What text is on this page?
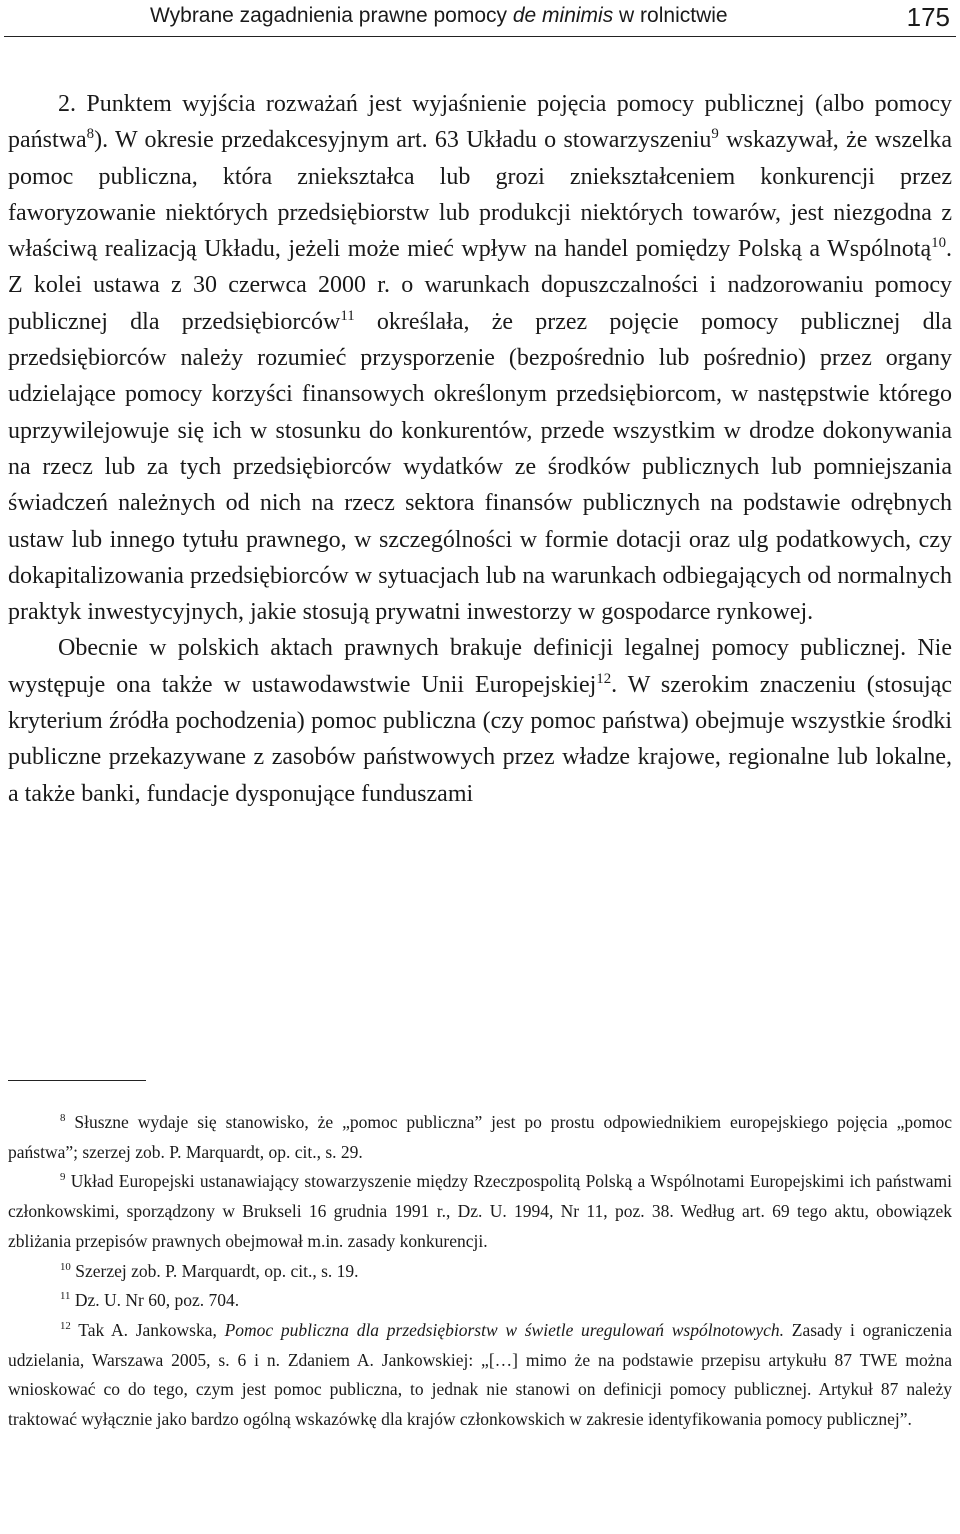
Wybrane zagadnienia prawne pomocy de minimis w rolnictwie	175

2. Punktem wyjścia rozważań jest wyjaśnienie pojęcia pomocy publicznej (albo pomocy państwa$^8$). W okresie przedakcesyjnym art. 63 Układu o stowarzyszeniu$^9$ wskazywał, że wszelka pomoc publiczna, która zniekształca lub grozi zniekształceniem konkurencji przez faworyzowanie niektórych przedsiębiorstw lub produkcji niektórych towarów, jest niezgodna z właściwą realizacją Układu, jeżeli może mieć wpływ na handel pomiędzy Polską a Wspólnotą$^{10}$. Z kolei ustawa z 30 czerwca 2000 r. o warunkach dopuszczalności i nadzorowaniu pomocy publicznej dla przedsiębiorców$^{11}$ określała, że przez pojęcie pomocy publicznej dla przedsiębiorców należy rozumieć przysporzenie (bezpośrednio lub pośrednio) przez organy udzielające pomocy korzyści finansowych określonym przedsiębiorcom, w następstwie którego uprzywilejowuje się ich w stosunku do konkurentów, przede wszystkim w drodze dokonywania na rzecz lub za tych przedsiębiorców wydatków ze środków publicznych lub pomniejszania świadczeń należnych od nich na rzecz sektora finansów publicznych na podstawie odrębnych ustaw lub innego tytułu prawnego, w szczególności w formie dotacji oraz ulg podatkowych, czy dokapitalizowania przedsiębiorców w sytuacjach lub na warunkach odbiegających od normalnych praktyk inwestycyjnych, jakie stosują prywatni inwestorzy w gospodarce rynkowej.

Obecnie w polskich aktach prawnych brakuje definicji legalnej pomocy publicznej. Nie występuje ona także w ustawodawstwie Unii Europejskiej$^{12}$. W szerokim znaczeniu (stosując kryterium źródła pochodzenia) pomoc publiczna (czy pomoc państwa) obejmuje wszystkie środki publiczne przekazywane z zasobów państwowych przez władze krajowe, regionalne lub lokalne, a także banki, fundacje dysponujące funduszami

$^8$ Słuszne wydaje się stanowisko, że „pomoc publiczna” jest po prostu odpowiednikiem europejskiego pojęcia „pomoc państwa”; szerzej zob. P. Marquardt, op. cit., s. 29.

$^9$ Układ Europejski ustanawiający stowarzyszenie między Rzeczpospolitą Polską a Wspólnotami Europejskimi ich państwami członkowskimi, sporządzony w Brukseli 16 grudnia 1991 r., Dz. U. 1994, Nr 11, poz. 38. Według art. 69 tego aktu, obowiązek zbliżania przepisów prawnych obejmował m.in. zasady konkurencji.

$^{10}$ Szerzej zob. P. Marquardt, op. cit., s. 19.

$^{11}$ Dz. U. Nr 60, poz. 704.

$^{12}$ Tak A. Jankowska, Pomoc publiczna dla przedsiębiorstw w świetle uregulowań wspólnotowych. Zasady i ograniczenia udzielania, Warszawa 2005, s. 6 i n. Zdaniem A. Jankowskiej: „[…] mimo że na podstawie przepisu artykułu 87 TWE można wnioskować co do tego, czym jest pomoc publiczna, to jednak nie stanowi on definicji pomocy publicznej. Artykuł 87 należy traktować wyłącznie jako bardzo ogólną wskazówkę dla krajów członkowskich w zakresie identyfikowania pomocy publicznej”.
